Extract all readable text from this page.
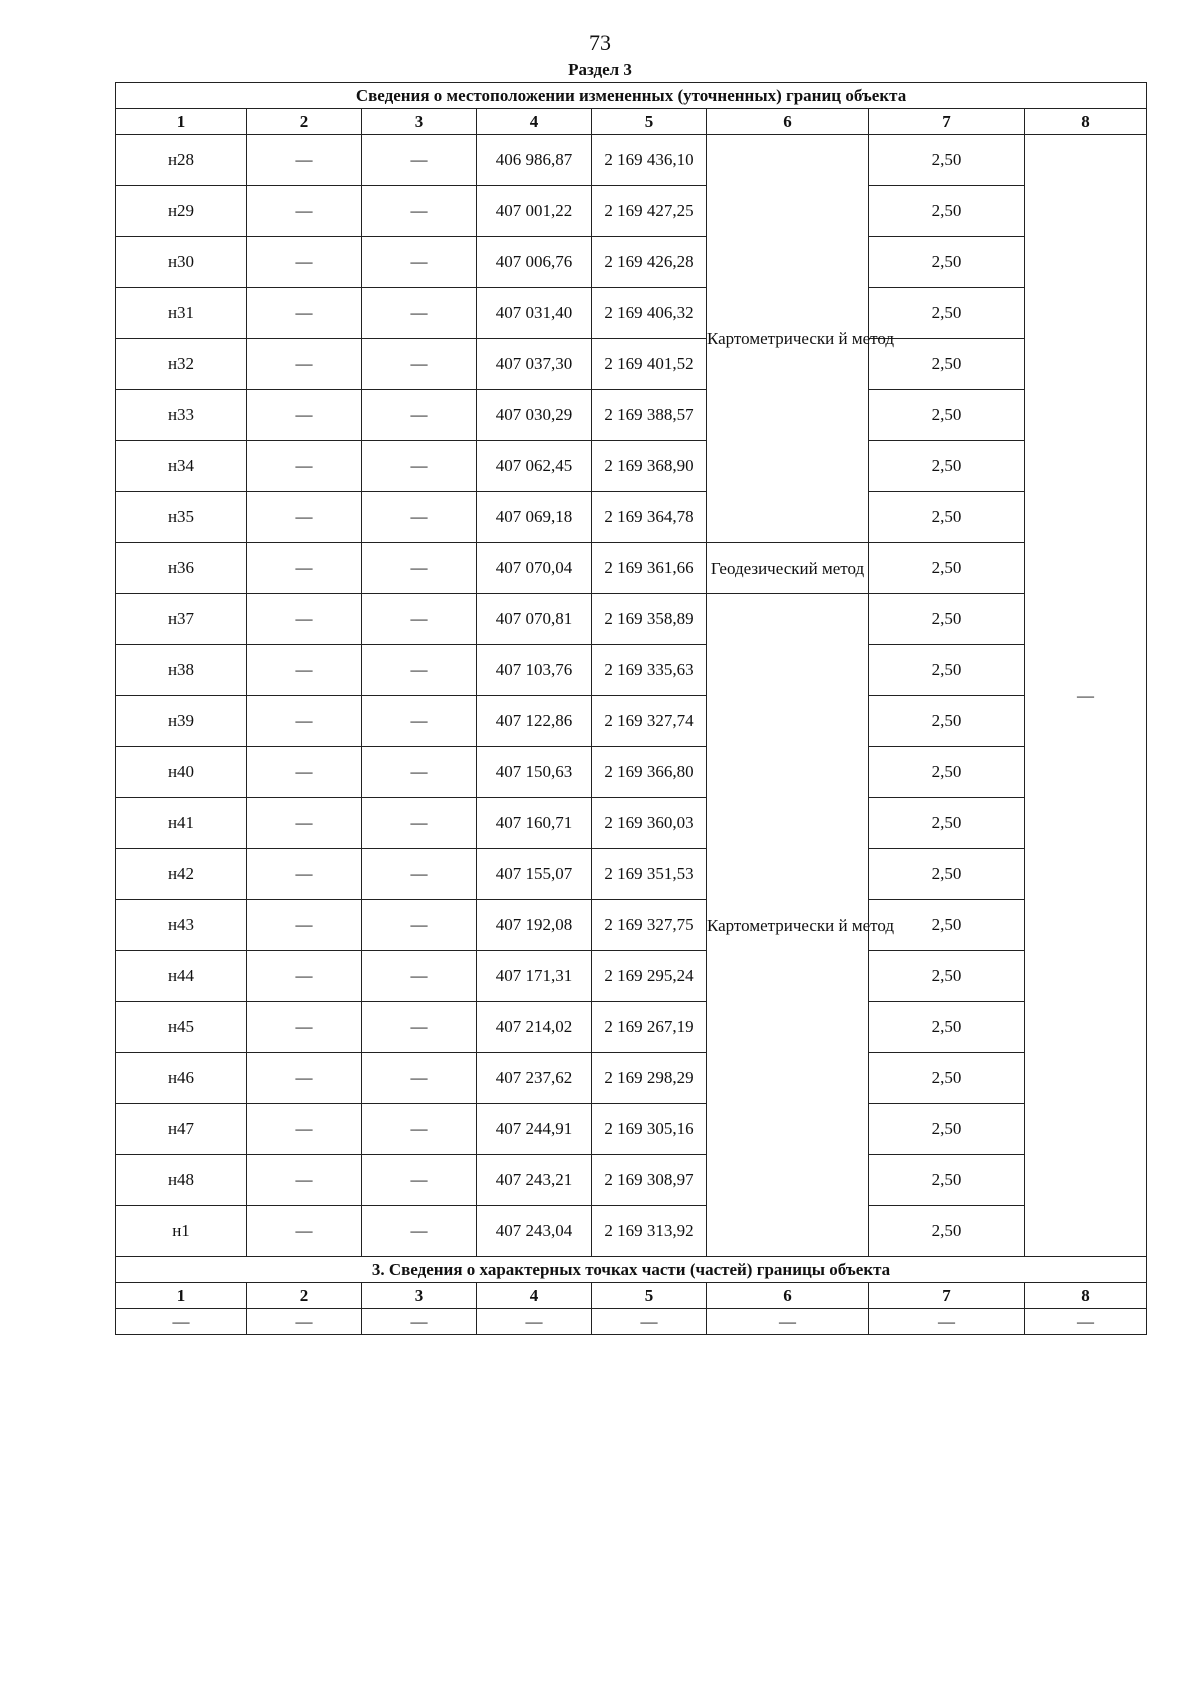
73
Раздел 3
Сведения о местоположении измененных (уточненных) границ объекта							
1	2	3	4	5	6	7	8
н28	—	—	406 986,87	2 169 436,10	Картометрически й метод	2,50	—
н29	—	—	407 001,22	2 169 427,25		2,50	
н30	—	—	407 006,76	2 169 426,28		2,50	
н31	—	—	407 031,40	2 169 406,32		2,50	
н32	—	—	407 037,30	2 169 401,52		2,50	
н33	—	—	407 030,29	2 169 388,57		2,50	
н34	—	—	407 062,45	2 169 368,90		2,50	
н35	—	—	407 069,18	2 169 364,78		2,50	
н36	—	—	407 070,04	2 169 361,66	Геодезический метод	2,50	
н37	—	—	407 070,81	2 169 358,89	Картометрически й метод	2,50	
н38	—	—	407 103,76	2 169 335,63		2,50	
н39	—	—	407 122,86	2 169 327,74		2,50	
н40	—	—	407 150,63	2 169 366,80		2,50	
н41	—	—	407 160,71	2 169 360,03		2,50	
н42	—	—	407 155,07	2 169 351,53		2,50	
н43	—	—	407 192,08	2 169 327,75		2,50	
н44	—	—	407 171,31	2 169 295,24		2,50	
н45	—	—	407 214,02	2 169 267,19		2,50	
н46	—	—	407 237,62	2 169 298,29		2,50	
н47	—	—	407 244,91	2 169 305,16		2,50	
н48	—	—	407 243,21	2 169 308,97		2,50	
н1	—	—	407 243,04	2 169 313,92		2,50	
3. Сведения о характерных точках части (частей) границы объекта							
1	2	3	4	5	6	7	8
—	—	—	—	—	—	—	—
